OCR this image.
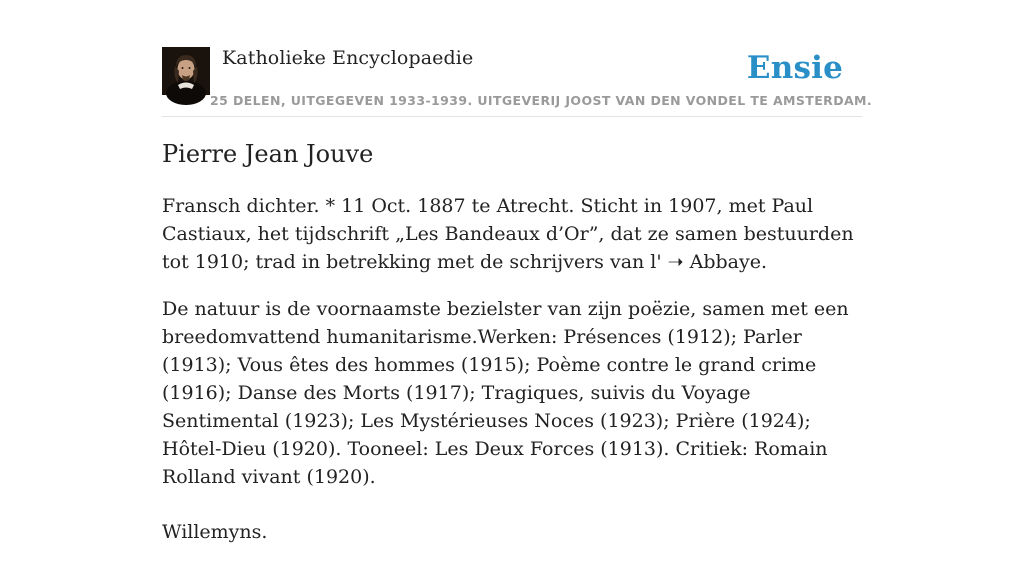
Katholieke Encyclopaedie
25 DELEN, UITGEGEVEN 1933-1939. UITGEVERIJ JOOST VAN DEN VONDEL TE AMSTERDAM.
Ensie
Pierre Jean Jouve

Fransch dichter. * 11 Oct. 1887 te Atrecht. Sticht in 1907, met Paul Castiaux, het tijdschrift „Les Bandeaux d’Or”, dat ze samen bestuurden tot 1910; trad in betrekking met de schrijvers van l' ➝ Abbaye.

De natuur is de voornaamste bezielster van zijn poëzie, samen met een breedomvattend humanitarisme.Werken: Présences (1912); Parler (1913); Vous êtes des hommes (1915); Poème contre le grand crime (1916); Danse des Morts (1917); Tragiques, suivis du Voyage Sentimental (1923); Les Mystérieuses Noces (1923); Prière (1924); Hôtel-Dieu (1920). Tooneel: Les Deux Forces (1913). Critiek: Romain Rolland vivant (1920).

Willemyns.
